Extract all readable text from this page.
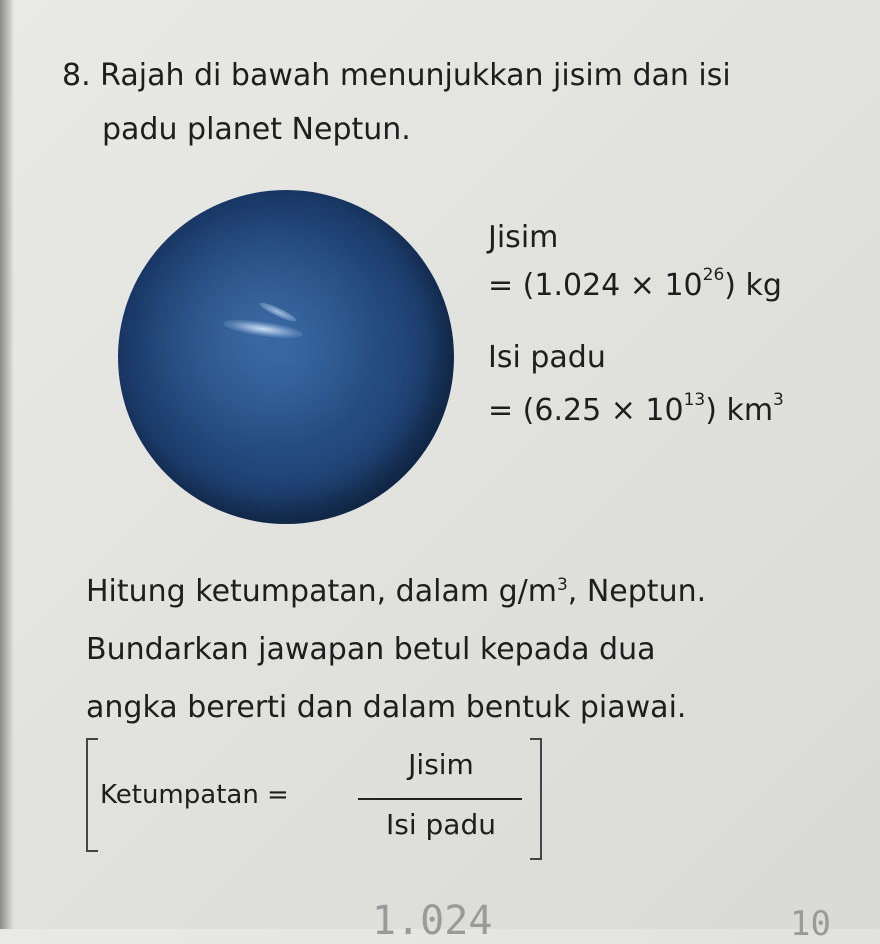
8. Rajah di bawah menunjukkan jisim dan isi
padu planet Neptun.
Jisim
= $(1.024 \times 10^{26})$ kg
Isi padu
= $(6.25 \times 10^{13})$ $km^3$
Hitung ketumpatan, dalam $g/m^3$, Neptun.
Bundarkan jawapan betul kepada dua
angka bererti dan dalam bentuk piawai.
Ketumpatan =
Jisim
Isi padu
1.024	10
